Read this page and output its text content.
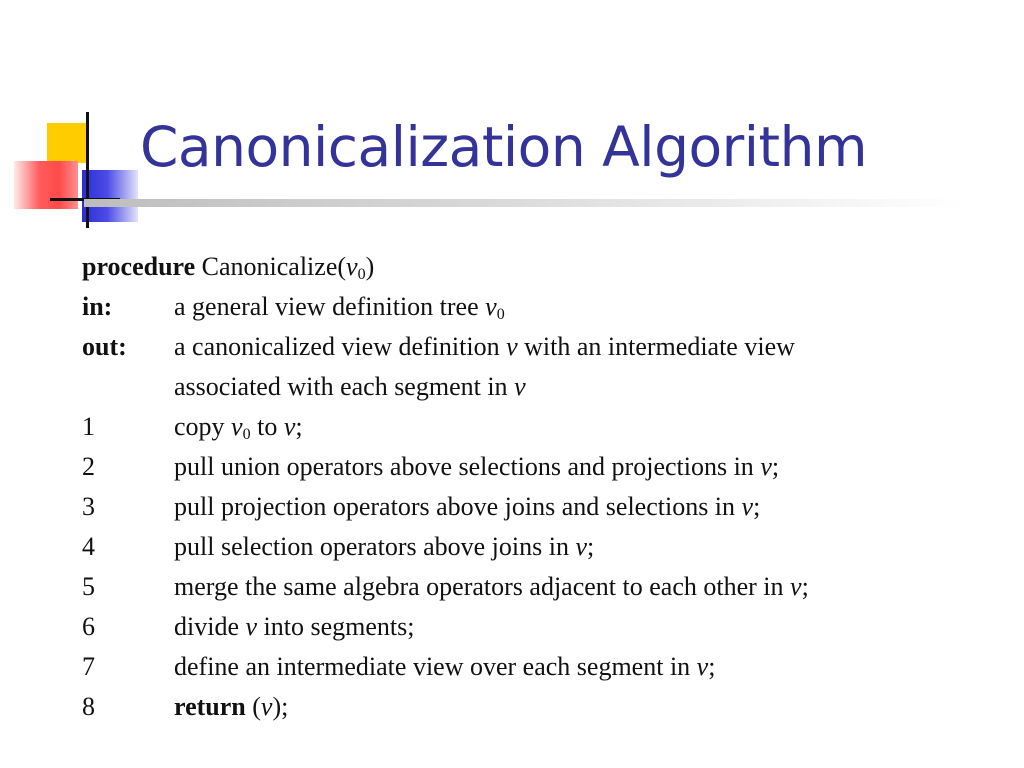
Canonicalization Algorithm
procedure $Canonicalize(v_0)$
in:	a general view definition tree $v_0$
out:	a canonicalized view definition v with an intermediate view
associated with each segment in v
1	copy $v_0$ to v;
2	pull union operators above selections and projections in v;
3	pull projection operators above joins and selections in v;
4	pull selection operators above joins in v;
5	merge the same algebra operators adjacent to each other in v;
6	divide v into segments;
7	define an intermediate view over each segment in v;
8	return (v);
